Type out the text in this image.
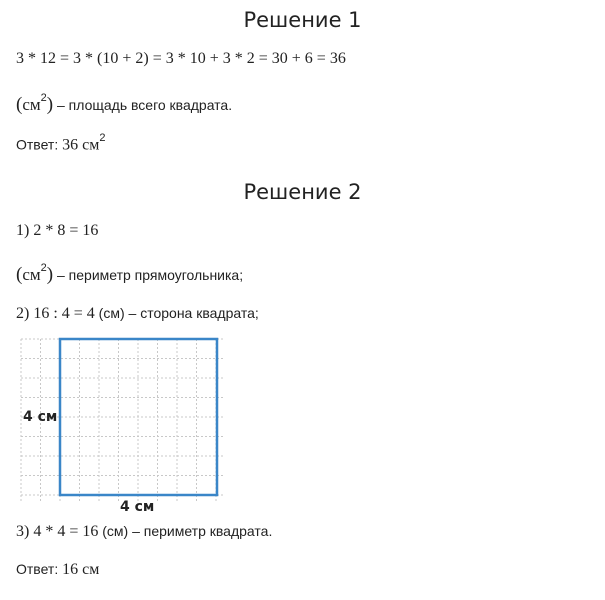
Решение 1
3 * 12 = 3 * (10 + 2) = 3 * 10 + 3 * 2 = 30 + 6 = 36
$(см^2)$ – площадь всего квадрата.
Ответ: 36 $см^2$
Решение 2
1) 2 * 8 = 16
$(см^2)$ – периметр прямоугольника;
2) 16 : 4 = 4 (см) – сторона квадрата;
4 см
4 см
3) 4 * 4 = 16 (см) – периметр квадрата.
Ответ: 16 см
